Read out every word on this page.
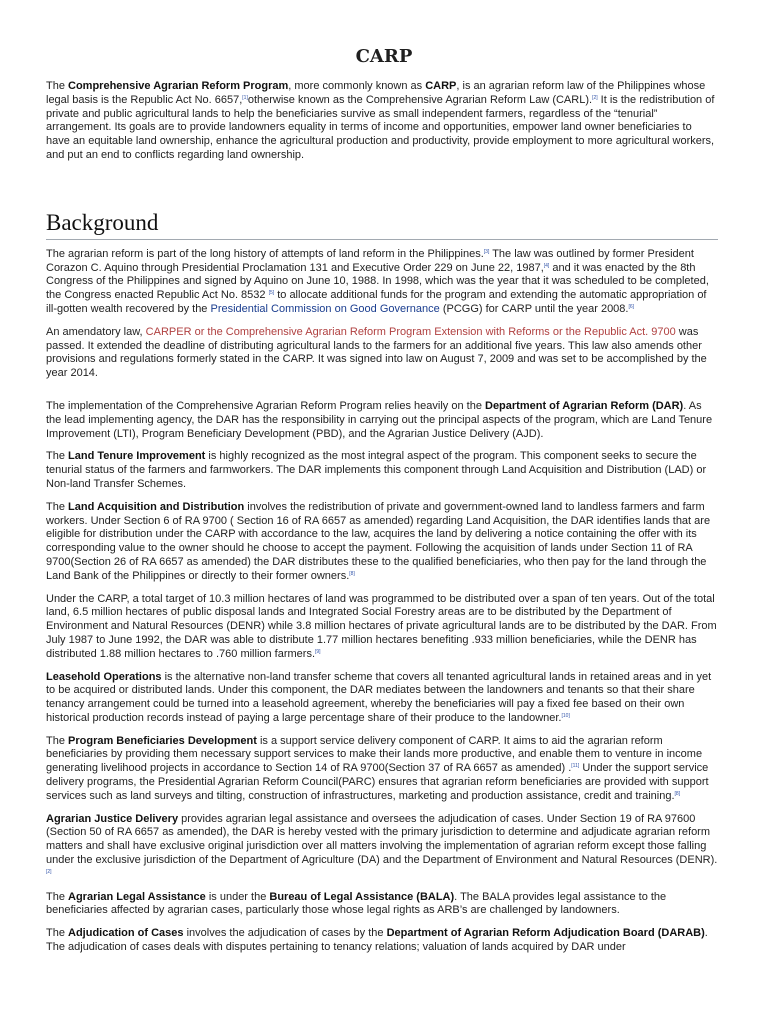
CARP

The Comprehensive Agrarian Reform Program, more commonly known as CARP, is an agrarian reform law of the Philippines whose legal basis is the Republic Act No. 6657,[1]otherwise known as the Comprehensive Agrarian Reform Law (CARL).[2] It is the redistribution of private and public agricultural lands to help the beneficiaries survive as small independent farmers, regardless of the “tenurial” arrangement. Its goals are to provide landowners equality in terms of income and opportunities, empower land owner beneficiaries to have an equitable land ownership, enhance the agricultural production and productivity, provide employment to more agricultural workers, and put an end to conflicts regarding land ownership.

Background

The agrarian reform is part of the long history of attempts of land reform in the Philippines.[3] The law was outlined by former President Corazon C. Aquino through Presidential Proclamation 131 and Executive Order 229 on June 22, 1987,[4] and it was enacted by the 8th Congress of the Philippines and signed by Aquino on June 10, 1988. In 1998, which was the year that it was scheduled to be completed, the Congress enacted Republic Act No. 8532 [5] to allocate additional funds for the program and extending the automatic appropriation of ill-gotten wealth recovered by the Presidential Commission on Good Governance (PCGG) for CARP until the year 2008.[6]

An amendatory law, CARPER or the Comprehensive Agrarian Reform Program Extension with Reforms or the Republic Act. 9700 was passed. It extended the deadline of distributing agricultural lands to the farmers for an additional five years. This law also amends other provisions and regulations formerly stated in the CARP. It was signed into law on August 7, 2009 and was set to be accomplished by the year 2014.

The implementation of the Comprehensive Agrarian Reform Program relies heavily on the Department of Agrarian Reform (DAR). As the lead implementing agency, the DAR has the responsibility in carrying out the principal aspects of the program, which are Land Tenure Improvement (LTI), Program Beneficiary Development (PBD), and the Agrarian Justice Delivery (AJD).

The Land Tenure Improvement is highly recognized as the most integral aspect of the program. This component seeks to secure the tenurial status of the farmers and farmworkers. The DAR implements this component through Land Acquisition and Distribution (LAD) or Non-land Transfer Schemes.

The Land Acquisition and Distribution involves the redistribution of private and government-owned land to landless farmers and farm workers. Under Section 6 of RA 9700 ( Section 16 of RA 6657 as amended) regarding Land Acquisition, the DAR identifies lands that are eligible for distribution under the CARP with accordance to the law, acquires the land by delivering a notice containing the offer with its corresponding value to the owner should he choose to accept the payment. Following the acquisition of lands under Section 11 of RA 9700(Section 26 of RA 6657 as amended) the DAR distributes these to the qualified beneficiaries, who then pay for the land through the Land Bank of the Philippines or directly to their former owners.[8]

Under the CARP, a total target of 10.3 million hectares of land was programmed to be distributed over a span of ten years. Out of the total land, 6.5 million hectares of public disposal lands and Integrated Social Forestry areas are to be distributed by the Department of Environment and Natural Resources (DENR) while 3.8 million hectares of private agricultural lands are to be distributed by the DAR. From July 1987 to June 1992, the DAR was able to distribute 1.77 million hectares benefiting .933 million beneficiaries, while the DENR has distributed 1.88 million hectares to .760 million farmers.[9]

Leasehold Operations is the alternative non-land transfer scheme that covers all tenanted agricultural lands in retained areas and in yet to be acquired or distributed lands. Under this component, the DAR mediates between the landowners and tenants so that their share tenancy arrangement could be turned into a leasehold agreement, whereby the beneficiaries will pay a fixed fee based on their own historical production records instead of paying a large percentage share of their produce to the landowner.[10]

The Program Beneficiaries Development is a support service delivery component of CARP. It aims to aid the agrarian reform beneficiaries by providing them necessary support services to make their lands more productive, and enable them to venture in income generating livelihood projects in accordance to Section 14 of RA 9700(Section 37 of RA 6657 as amended) .[11] Under the support service delivery programs, the Presidential Agrarian Reform Council(PARC) ensures that agrarian reform beneficiaries are provided with support services such as land surveys and tilting, construction of infrastructures, marketing and production assistance, credit and training.[8]

Agrarian Justice Delivery provides agrarian legal assistance and oversees the adjudication of cases. Under Section 19 of RA 97600 (Section 50 of RA 6657 as amended), the DAR is hereby vested with the primary jurisdiction to determine and adjudicate agrarian reform matters and shall have exclusive original jurisdiction over all matters involving the implementation of agrarian reform except those falling under the exclusive jurisdiction of the Department of Agriculture (DA) and the Department of Environment and Natural Resources (DENR).[2]

The Agrarian Legal Assistance is under the Bureau of Legal Assistance (BALA). The BALA provides legal assistance to the beneficiaries affected by agrarian cases, particularly those whose legal rights as ARB’s are challenged by landowners.

The Adjudication of Cases involves the adjudication of cases by the Department of Agrarian Reform Adjudication Board (DARAB). The adjudication of cases deals with disputes pertaining to tenancy relations; valuation of lands acquired by DAR under
